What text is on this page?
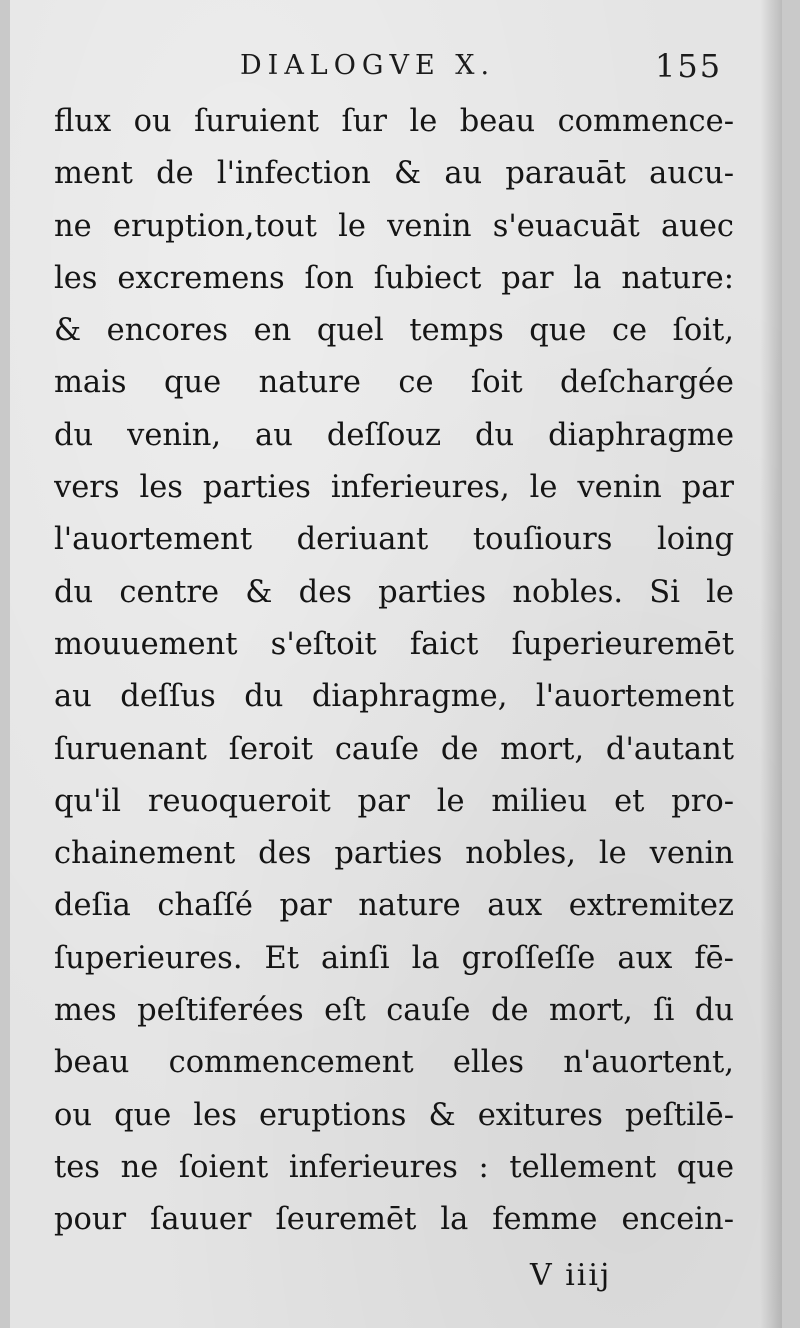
DIALOGVE X.	155
flux ou ſuruient ſur le beau commence-
ment de l'infection & au parauāt aucu-
ne eruption,tout le venin s'euacuāt auec
les excremens ſon ſubiect par la nature:
& encores en quel temps que ce ſoit,
mais que nature ce ſoit deſchargée
du venin, au deſſouz du diaphragme
vers les parties inferieures, le venin par
l'auortement deriuant touſiours loing
du centre & des parties nobles. Si le
mouuement s'eſtoit faict ſuperieuremēt
au deſſus du diaphragme, l'auortement
ſuruenant ſeroit cauſe de mort, d'autant
qu'il reuoqueroit par le milieu et pro-
chainement des parties nobles, le venin
deſia chaſſé par nature aux extremitez
ſuperieures. Et ainſi la groſſeſſe aux fē-
mes peſtiferées eſt cauſe de mort, ſi du
beau commencement elles n'auortent,
ou que les eruptions & exitures peſtilē-
tes ne ſoient inferieures : tellement que
pour ſauuer ſeuremēt la femme encein-
V iiij
